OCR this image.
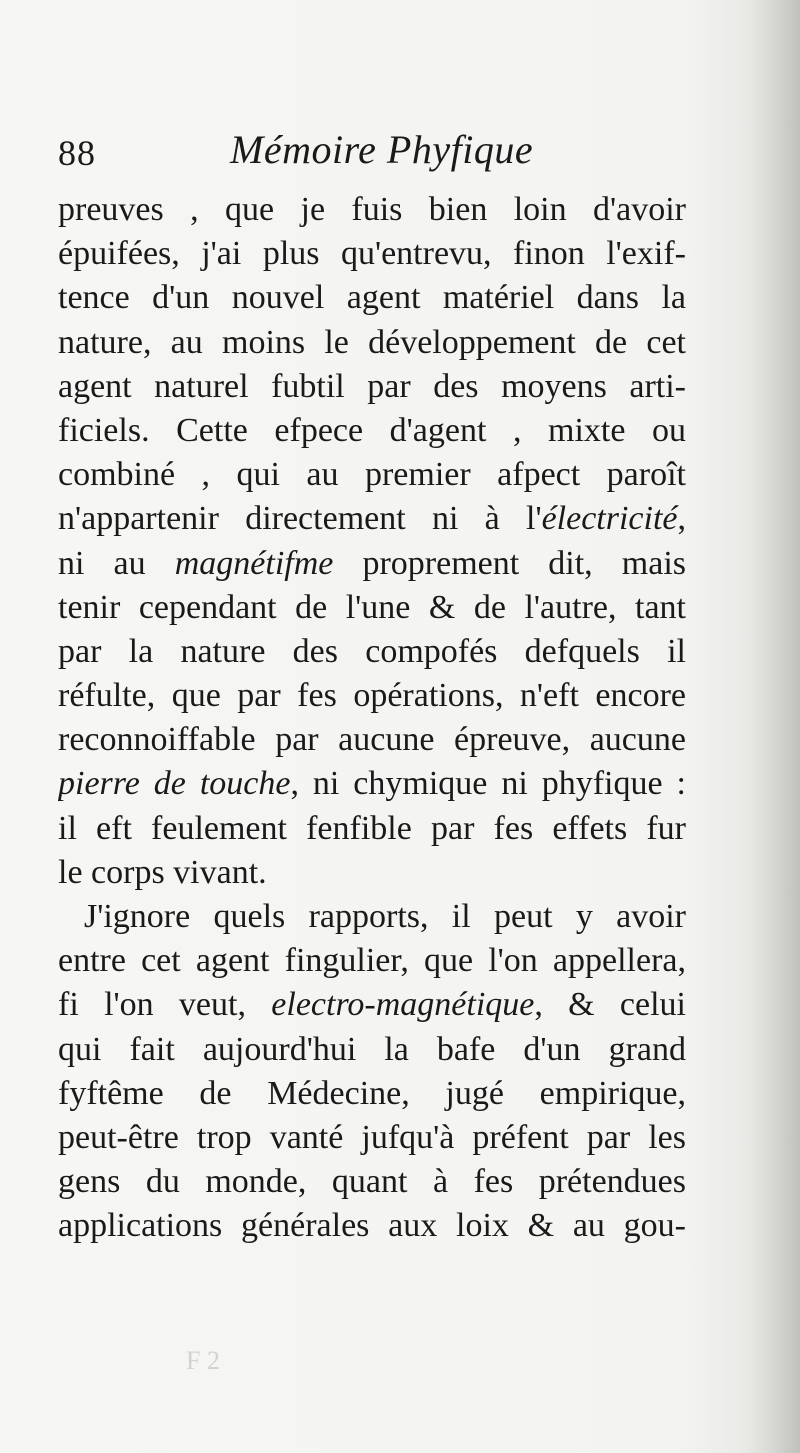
88	Mémoire Phyfique
preuves , que je fuis bien loin d'avoir
épuifées, j'ai plus qu'entrevu, finon l'exif-
tence d'un nouvel agent matériel dans la
nature, au moins le développement de cet
agent naturel fubtil par des moyens arti-
ficiels. Cette efpece d'agent , mixte ou
combiné , qui au premier afpect paroît
n'appartenir directement ni à l'électricité,
ni au magnétifme proprement dit, mais
tenir cependant de l'une & de l'autre, tant
par la nature des compofés defquels il
réfulte, que par fes opérations, n'eft encore
reconnoiffable par aucune épreuve, aucune
pierre de touche, ni chymique ni phyfique :
il eft feulement fenfible par fes effets fur
le corps vivant.
J'ignore quels rapports, il peut y avoir
entre cet agent fingulier, que l'on appellera,
fi l'on veut, electro-magnétique, & celui
qui fait aujourd'hui la bafe d'un grand
fyftême de Médecine, jugé empirique,
peut-être trop vanté jufqu'à préfent par les
gens du monde, quant à fes prétendues
applications générales aux loix & au gou-
F 2
